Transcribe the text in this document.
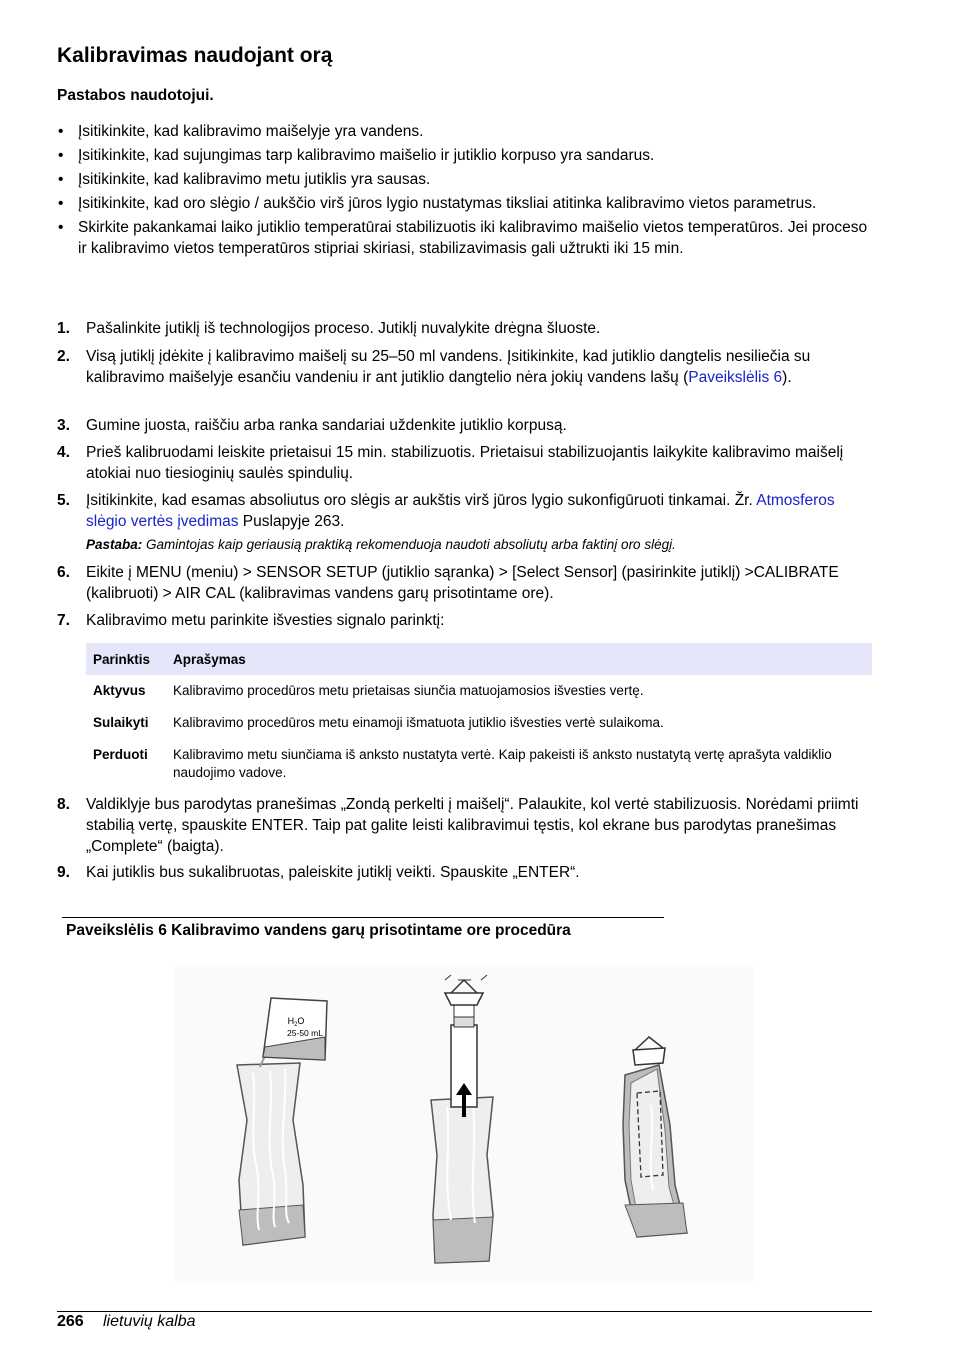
Kalibravimas naudojant orą
Pastabos naudotojui.
• Įsitikinkite, kad kalibravimo maišelyje yra vandens.
• Įsitikinkite, kad sujungimas tarp kalibravimo maišelio ir jutiklio korpuso yra sandarus.
• Įsitikinkite, kad kalibravimo metu jutiklis yra sausas.
• Įsitikinkite, kad oro slėgio / aukščio virš jūros lygio nustatymas tiksliai atitinka kalibravimo vietos parametrus.
• Skirkite pakankamai laiko jutiklio temperatūrai stabilizuotis iki kalibravimo maišelio vietos temperatūros. Jei proceso ir kalibravimo vietos temperatūros stipriai skiriasi, stabilizavimasis gali užtrukti iki 15 min.
1. Pašalinkite jutiklį iš technologijos proceso. Jutiklį nuvalykite drėgna šluoste.
2. Visą jutiklį įdėkite į kalibravimo maišelį su 25–50 ml vandens. Įsitikinkite, kad jutiklio dangtelis nesiliečia su kalibravimo maišelyje esančiu vandeniu ir ant jutiklio dangtelio nėra jokių vandens lašų (Paveikslėlis 6).
3. Gumine juosta, raiščiu arba ranka sandariai uždenkite jutiklio korpusą.
4. Prieš kalibruodami leiskite prietaisui 15 min. stabilizuotis. Prietaisui stabilizuojantis laikykite kalibravimo maišelį atokiai nuo tiesioginių saulės spindulių.
5. Įsitikinkite, kad esamas absoliutus oro slėgis ar aukštis virš jūros lygio sukonfigūruoti tinkamai. Žr. Atmosferos slėgio vertės įvedimas Puslapyje 263.
Pastaba: Gamintojas kaip geriausią praktiką rekomenduoja naudoti absoliutų arba faktinį oro slėgį.
6. Eikite į MENU (meniu) > SENSOR SETUP (jutiklio sąranka) > [Select Sensor] (pasirinkite jutiklį) >CALIBRATE (kalibruoti) > AIR CAL (kalibravimas vandens garų prisotintame ore).
7. Kalibravimo metu parinkite išvesties signalo parinktį:
Parinktis	Aprašymas
Aktyvus	Kalibravimo procedūros metu prietaisas siunčia matuojamosios išvesties vertę.
Sulaikyti	Kalibravimo procedūros metu einamoji išmatuota jutiklio išvesties vertė sulaikoma.
Perduoti	Kalibravimo metu siunčiama iš anksto nustatyta vertė. Kaip pakeisti iš anksto nustatytą vertę aprašyta valdiklio naudojimo vadove.
8. Valdiklyje bus parodytas pranešimas „Zondą perkelti į maišelį“. Palaukite, kol vertė stabilizuosis. Norėdami priimti stabilią vertę, spauskite ENTER. Taip pat galite leisti kalibravimui tęstis, kol ekrane bus parodytas pranešimas „Complete“ (baigta).
9. Kai jutiklis bus sukalibruotas, paleiskite jutiklį veikti. Spauskite „ENTER“.
Paveikslėlis 6 Kalibravimo vandens garų prisotintame ore procedūra
$H_2O$
25-50 mL
266 lietuvių kalba
